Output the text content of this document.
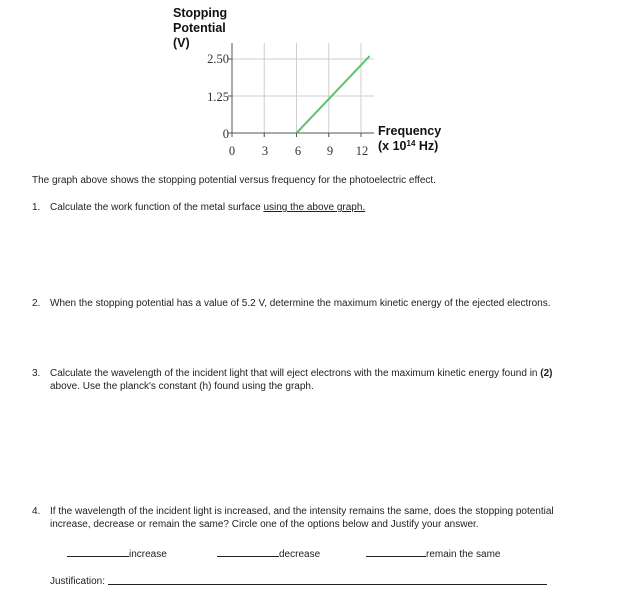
Stopping
Potential
(V)
2.50
1.25
0
0	3	6	9	12
Frequency
(x $10^{14}$ Hz)
The graph above shows the stopping potential versus frequency for the photoelectric effect.
1. Calculate the work function of the metal surface using the above graph.
2. When the stopping potential has a value of 5.2 V, determine the maximum kinetic energy of the ejected electrons.
3. Calculate the wavelength of the incident light that will eject electrons with the maximum kinetic energy found in (2)
above. Use the planck's constant (h) found using the graph.
4. If the wavelength of the incident light is increased, and the intensity remains the same, does the stopping potential
increase, decrease or remain the same? Circle one of the options below and Justify your answer.
increase	decrease	remain the same
Justification:
